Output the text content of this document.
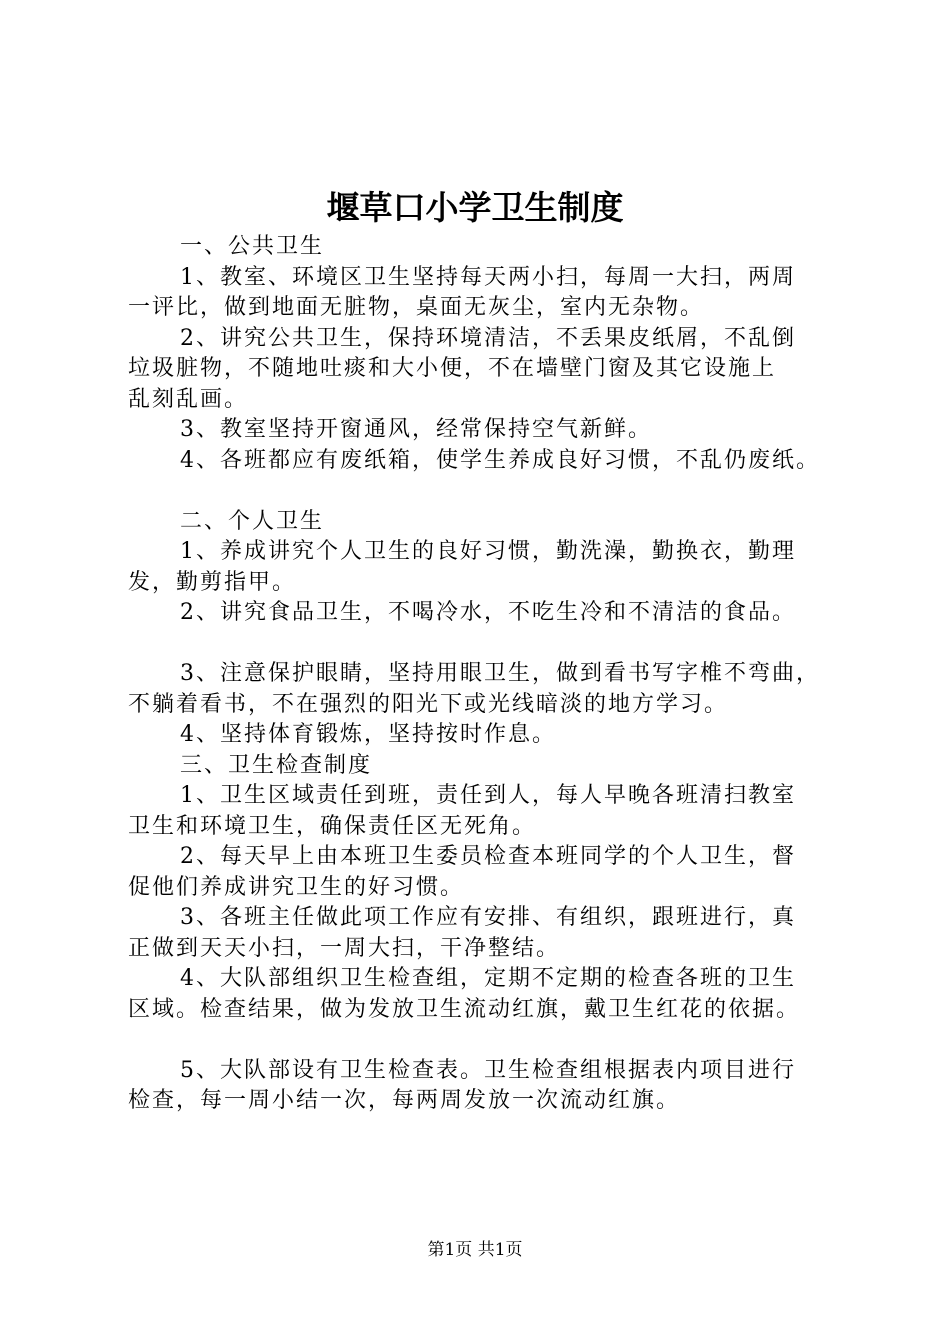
堰草口小学卫生制度
一、公共卫生
1、教室、环境区卫生坚持每天两小扫，每周一大扫，两周
一评比，做到地面无脏物，桌面无灰尘，室内无杂物。
2、讲究公共卫生，保持环境清洁，不丢果皮纸屑，不乱倒
垃圾脏物，不随地吐痰和大小便，不在墙壁门窗及其它设施上
乱刻乱画。
3、教室坚持开窗通风，经常保持空气新鲜。
4、各班都应有废纸箱，使学生养成良好习惯，不乱仍废纸。
二、个人卫生
1、养成讲究个人卫生的良好习惯，勤洗澡，勤换衣，勤理
发，勤剪指甲。
2、讲究食品卫生，不喝冷水，不吃生冷和不清洁的食品。
3、注意保护眼睛，坚持用眼卫生，做到看书写字椎不弯曲，
不躺着看书，不在强烈的阳光下或光线暗淡的地方学习。
4、坚持体育锻炼，坚持按时作息。
三、卫生检查制度
1、卫生区域责任到班，责任到人，每人早晚各班清扫教室
卫生和环境卫生，确保责任区无死角。
2、每天早上由本班卫生委员检查本班同学的个人卫生，督
促他们养成讲究卫生的好习惯。
3、各班主任做此项工作应有安排、有组织，跟班进行，真
正做到天天小扫，一周大扫，干净整结。
4、大队部组织卫生检查组，定期不定期的检查各班的卫生
区域。检查结果，做为发放卫生流动红旗，戴卫生红花的依据。
5、大队部设有卫生检查表。卫生检查组根据表内项目进行
检查，每一周小结一次，每两周发放一次流动红旗。
第1页 共1页
